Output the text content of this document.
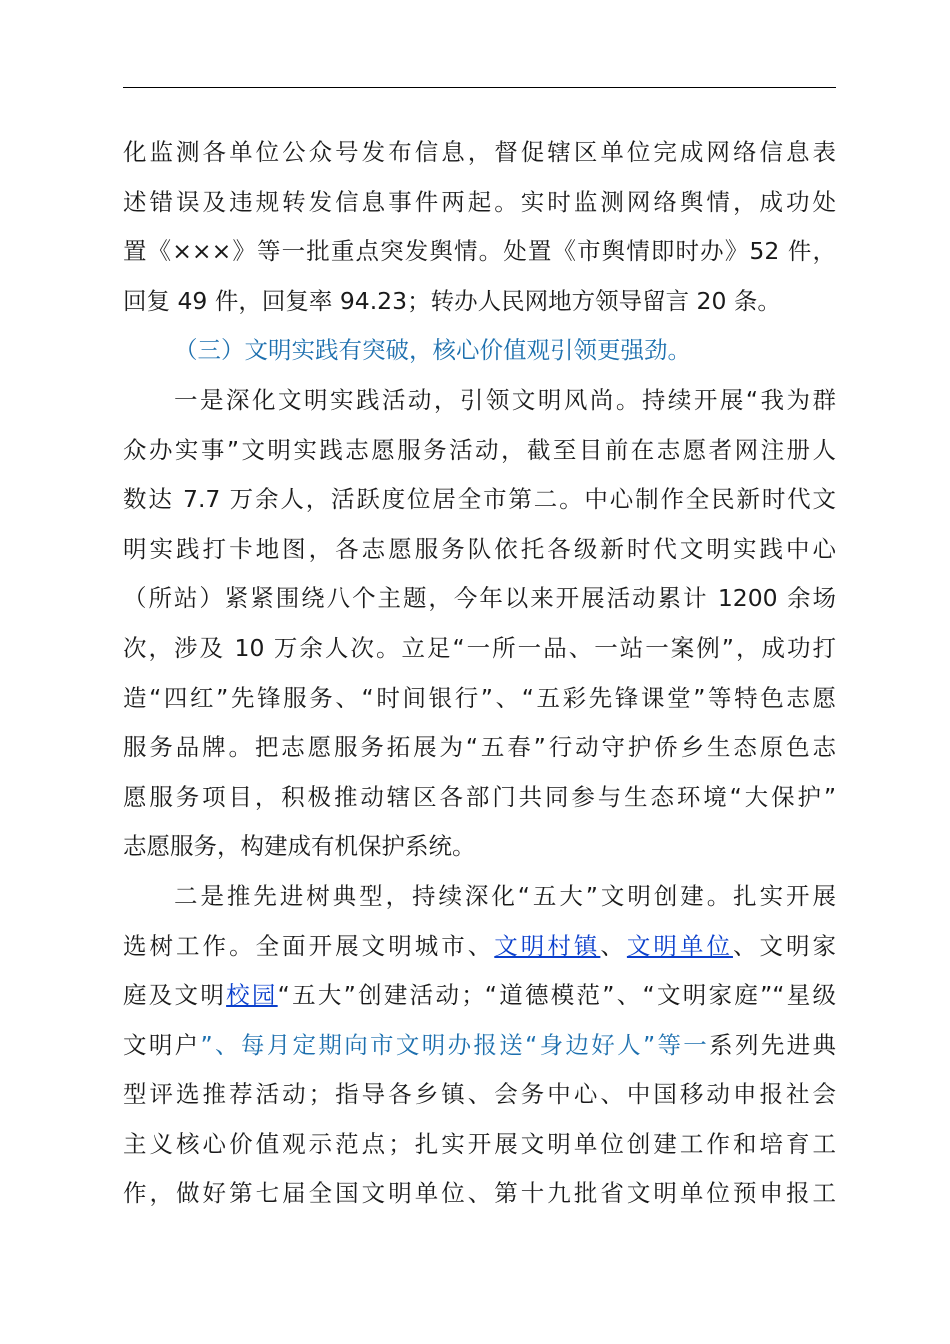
化监测各单位公众号发布信息，督促辖区单位完成网络信息表
述错误及违规转发信息事件两起。实时监测网络舆情，成功处
置《×××》等一批重点突发舆情。处置《市舆情即时办》52 件，
回复 49 件，回复率 94.23；转办人民网地方领导留言 20 条。
（三）文明实践有突破，核心价值观引领更强劲。
一是深化文明实践活动，引领文明风尚。持续开展“我为群
众办实事”文明实践志愿服务活动，截至目前在志愿者网注册人
数达 7.7 万余人，活跃度位居全市第二。中心制作全民新时代文
明实践打卡地图，各志愿服务队依托各级新时代文明实践中心
（所站）紧紧围绕八个主题，今年以来开展活动累计 1200 余场
次，涉及 10 万余人次。立足“一所一品、一站一案例”，成功打
造“四红”先锋服务、“时间银行”、“五彩先锋课堂”等特色志愿
服务品牌。把志愿服务拓展为“五春”行动守护侨乡生态原色志
愿服务项目，积极推动辖区各部门共同参与生态环境“大保护”
志愿服务，构建成有机保护系统。
二是推先进树典型，持续深化“五大”文明创建。扎实开展
选树工作。全面开展文明城市、文明村镇、文明单位、文明家
庭及文明校园“五大”创建活动；“道德模范”、“文明家庭”“星级
文明户”、每月定期向市文明办报送“身边好人”等一系列先进典
型评选推荐活动；指导各乡镇、会务中心、中国移动申报社会
主义核心价值观示范点；扎实开展文明单位创建工作和培育工
作，做好第七届全国文明单位、第十九批省文明单位预申报工
